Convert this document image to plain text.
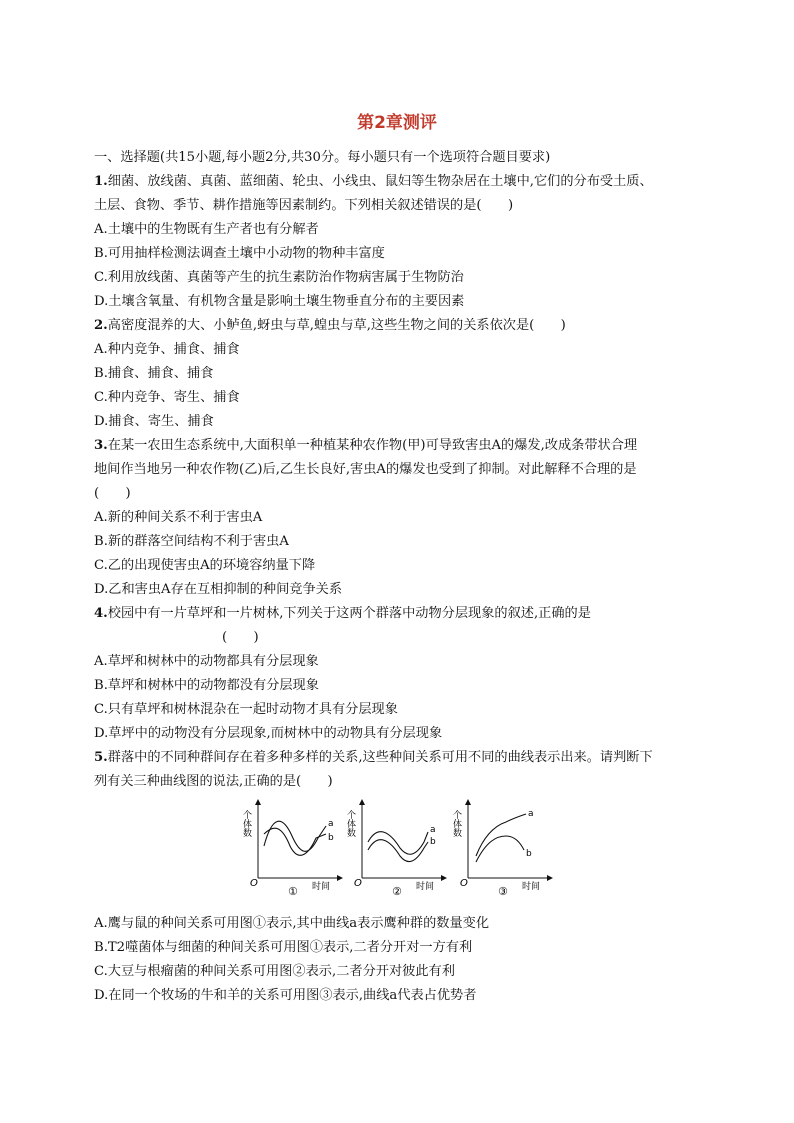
第2章测评
一、选择题(共15小题,每小题2分,共30分。每小题只有一个选项符合题目要求)
1.细菌、放线菌、真菌、蓝细菌、轮虫、小线虫、鼠妇等生物杂居在土壤中,它们的分布受土质、
土层、食物、季节、耕作措施等因素制约。下列相关叙述错误的是(　　)
A.土壤中的生物既有生产者也有分解者
B.可用抽样检测法调查土壤中小动物的物种丰富度
C.利用放线菌、真菌等产生的抗生素防治作物病害属于生物防治
D.土壤含氧量、有机物含量是影响土壤生物垂直分布的主要因素
2.高密度混养的大、小鲈鱼,蚜虫与草,蝗虫与草,这些生物之间的关系依次是(　　)
A.种内竞争、捕食、捕食
B.捕食、捕食、捕食
C.种内竞争、寄生、捕食
D.捕食、寄生、捕食
3.在某一农田生态系统中,大面积单一种植某种农作物(甲)可导致害虫A的爆发,改成条带状合理
地间作当地另一种农作物(乙)后,乙生长良好,害虫A的爆发也受到了抑制。对此解释不合理的是
(　　)
A.新的种间关系不利于害虫A
B.新的群落空间结构不利于害虫A
C.乙的出现使害虫A的环境容纳量下降
D.乙和害虫A存在互相抑制的种间竞争关系
4.校园中有一片草坪和一片树林,下列关于这两个群落中动物分层现象的叙述,正确的是
(　　)
A.草坪和树林中的动物都具有分层现象
B.草坪和树林中的动物都没有分层现象
C.只有草坪和树林混杂在一起时动物才具有分层现象
D.草坪中的动物没有分层现象,而树林中的动物具有分层现象
5.群落中的不同种群间存在着多种多样的关系,这些种间关系可用不同的曲线表示出来。请判断下
列有关三种曲线图的说法,正确的是(　　)
个体数
O	时间
a
b
①
个体数
O	时间
a
b
②
个体数
O	时间
a
b
③
A.鹰与鼠的种间关系可用图①表示,其中曲线a表示鹰种群的数量变化
B.T2噬菌体与细菌的种间关系可用图①表示,二者分开对一方有利
C.大豆与根瘤菌的种间关系可用图②表示,二者分开对彼此有利
D.在同一个牧场的牛和羊的关系可用图③表示,曲线a代表占优势者
